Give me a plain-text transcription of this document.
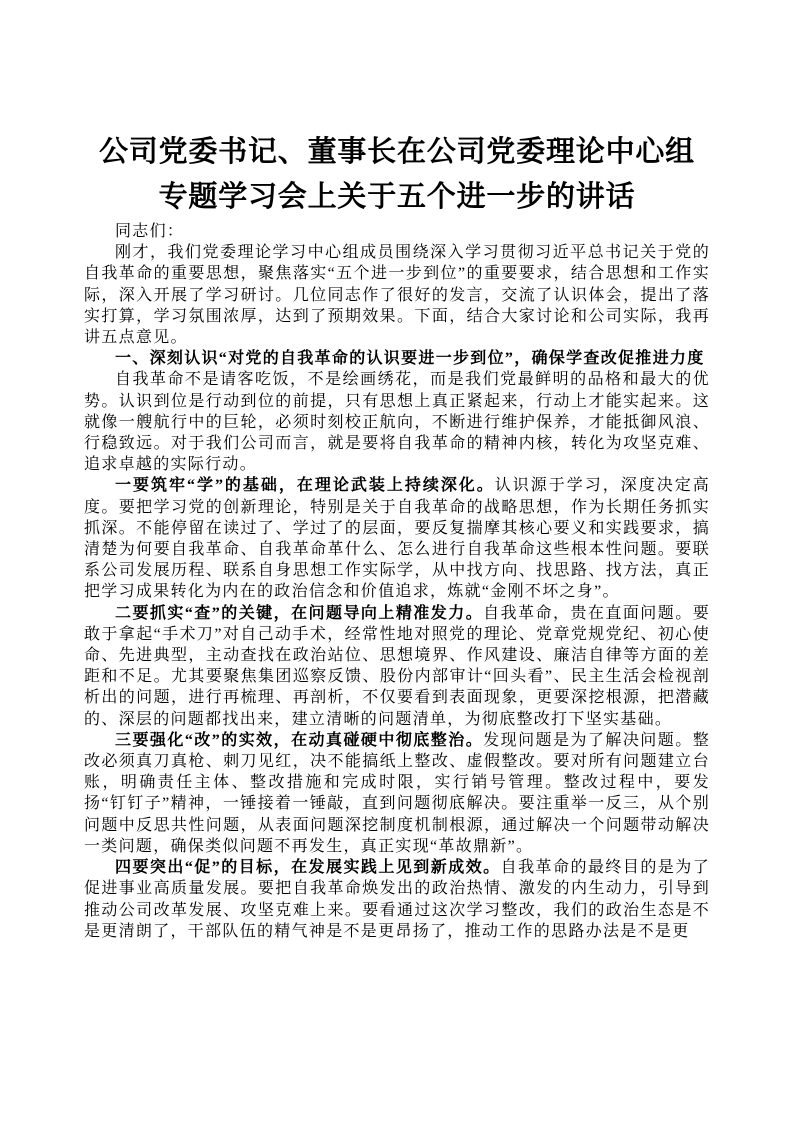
公司党委书记、董事长在公司党委理论中心组
专题学习会上关于五个进一步的讲话

同志们：

刚才，我们党委理论学习中心组成员围绕深入学习贯彻习近平总书记关于党的自我革命的重要思想，聚焦落实“五个进一步到位”的重要要求，结合思想和工作实际，深入开展了学习研讨。几位同志作了很好的发言，交流了认识体会，提出了落实打算，学习氛围浓厚，达到了预期效果。下面，结合大家讨论和公司实际，我再讲五点意见。

一、深刻认识“对党的自我革命的认识要进一步到位”，确保学查改促推进力度

自我革命不是请客吃饭，不是绘画绣花，而是我们党最鲜明的品格和最大的优势。认识到位是行动到位的前提，只有思想上真正紧起来，行动上才能实起来。这就像一艘航行中的巨轮，必须时刻校正航向，不断进行维护保养，才能抵御风浪、行稳致远。对于我们公司而言，就是要将自我革命的精神内核，转化为攻坚克难、追求卓越的实际行动。

一要筑牢“学”的基础，在理论武装上持续深化。认识源于学习，深度决定高度。要把学习党的创新理论，特别是关于自我革命的战略思想，作为长期任务抓实抓深。不能停留在读过了、学过了的层面，要反复揣摩其核心要义和实践要求，搞清楚为何要自我革命、自我革命革什么、怎么进行自我革命这些根本性问题。要联系公司发展历程、联系自身思想工作实际学，从中找方向、找思路、找方法，真正把学习成果转化为内在的政治信念和价值追求，炼就“金刚不坏之身”。

二要抓实“查”的关键，在问题导向上精准发力。自我革命，贵在直面问题。要敢于拿起“手术刀”对自己动手术，经常性地对照党的理论、党章党规党纪、初心使命、先进典型，主动查找在政治站位、思想境界、作风建设、廉洁自律等方面的差距和不足。尤其要聚焦集团巡察反馈、股份内部审计“回头看”、民主生活会检视剖析出的问题，进行再梳理、再剖析，不仅要看到表面现象，更要深挖根源，把潜藏的、深层的问题都找出来，建立清晰的问题清单，为彻底整改打下坚实基础。

三要强化“改”的实效，在动真碰硬中彻底整治。发现问题是为了解决问题。整改必须真刀真枪、刺刀见红，决不能搞纸上整改、虚假整改。要对所有问题建立台账，明确责任主体、整改措施和完成时限，实行销号管理。整改过程中，要发扬“钉钉子”精神，一锤接着一锤敲，直到问题彻底解决。要注重举一反三，从个别问题中反思共性问题，从表面问题深挖制度机制根源，通过解决一个问题带动解决一类问题，确保类似问题不再发生，真正实现“革故鼎新”。

四要突出“促”的目标，在发展实践上见到新成效。自我革命的最终目的是为了促进事业高质量发展。要把自我革命焕发出的政治热情、激发的内生动力，引导到推动公司改革发展、攻坚克难上来。要看通过这次学习整改，我们的政治生态是不是更清朗了，干部队伍的精气神是不是更昂扬了，推动工作的思路办法是不是更
